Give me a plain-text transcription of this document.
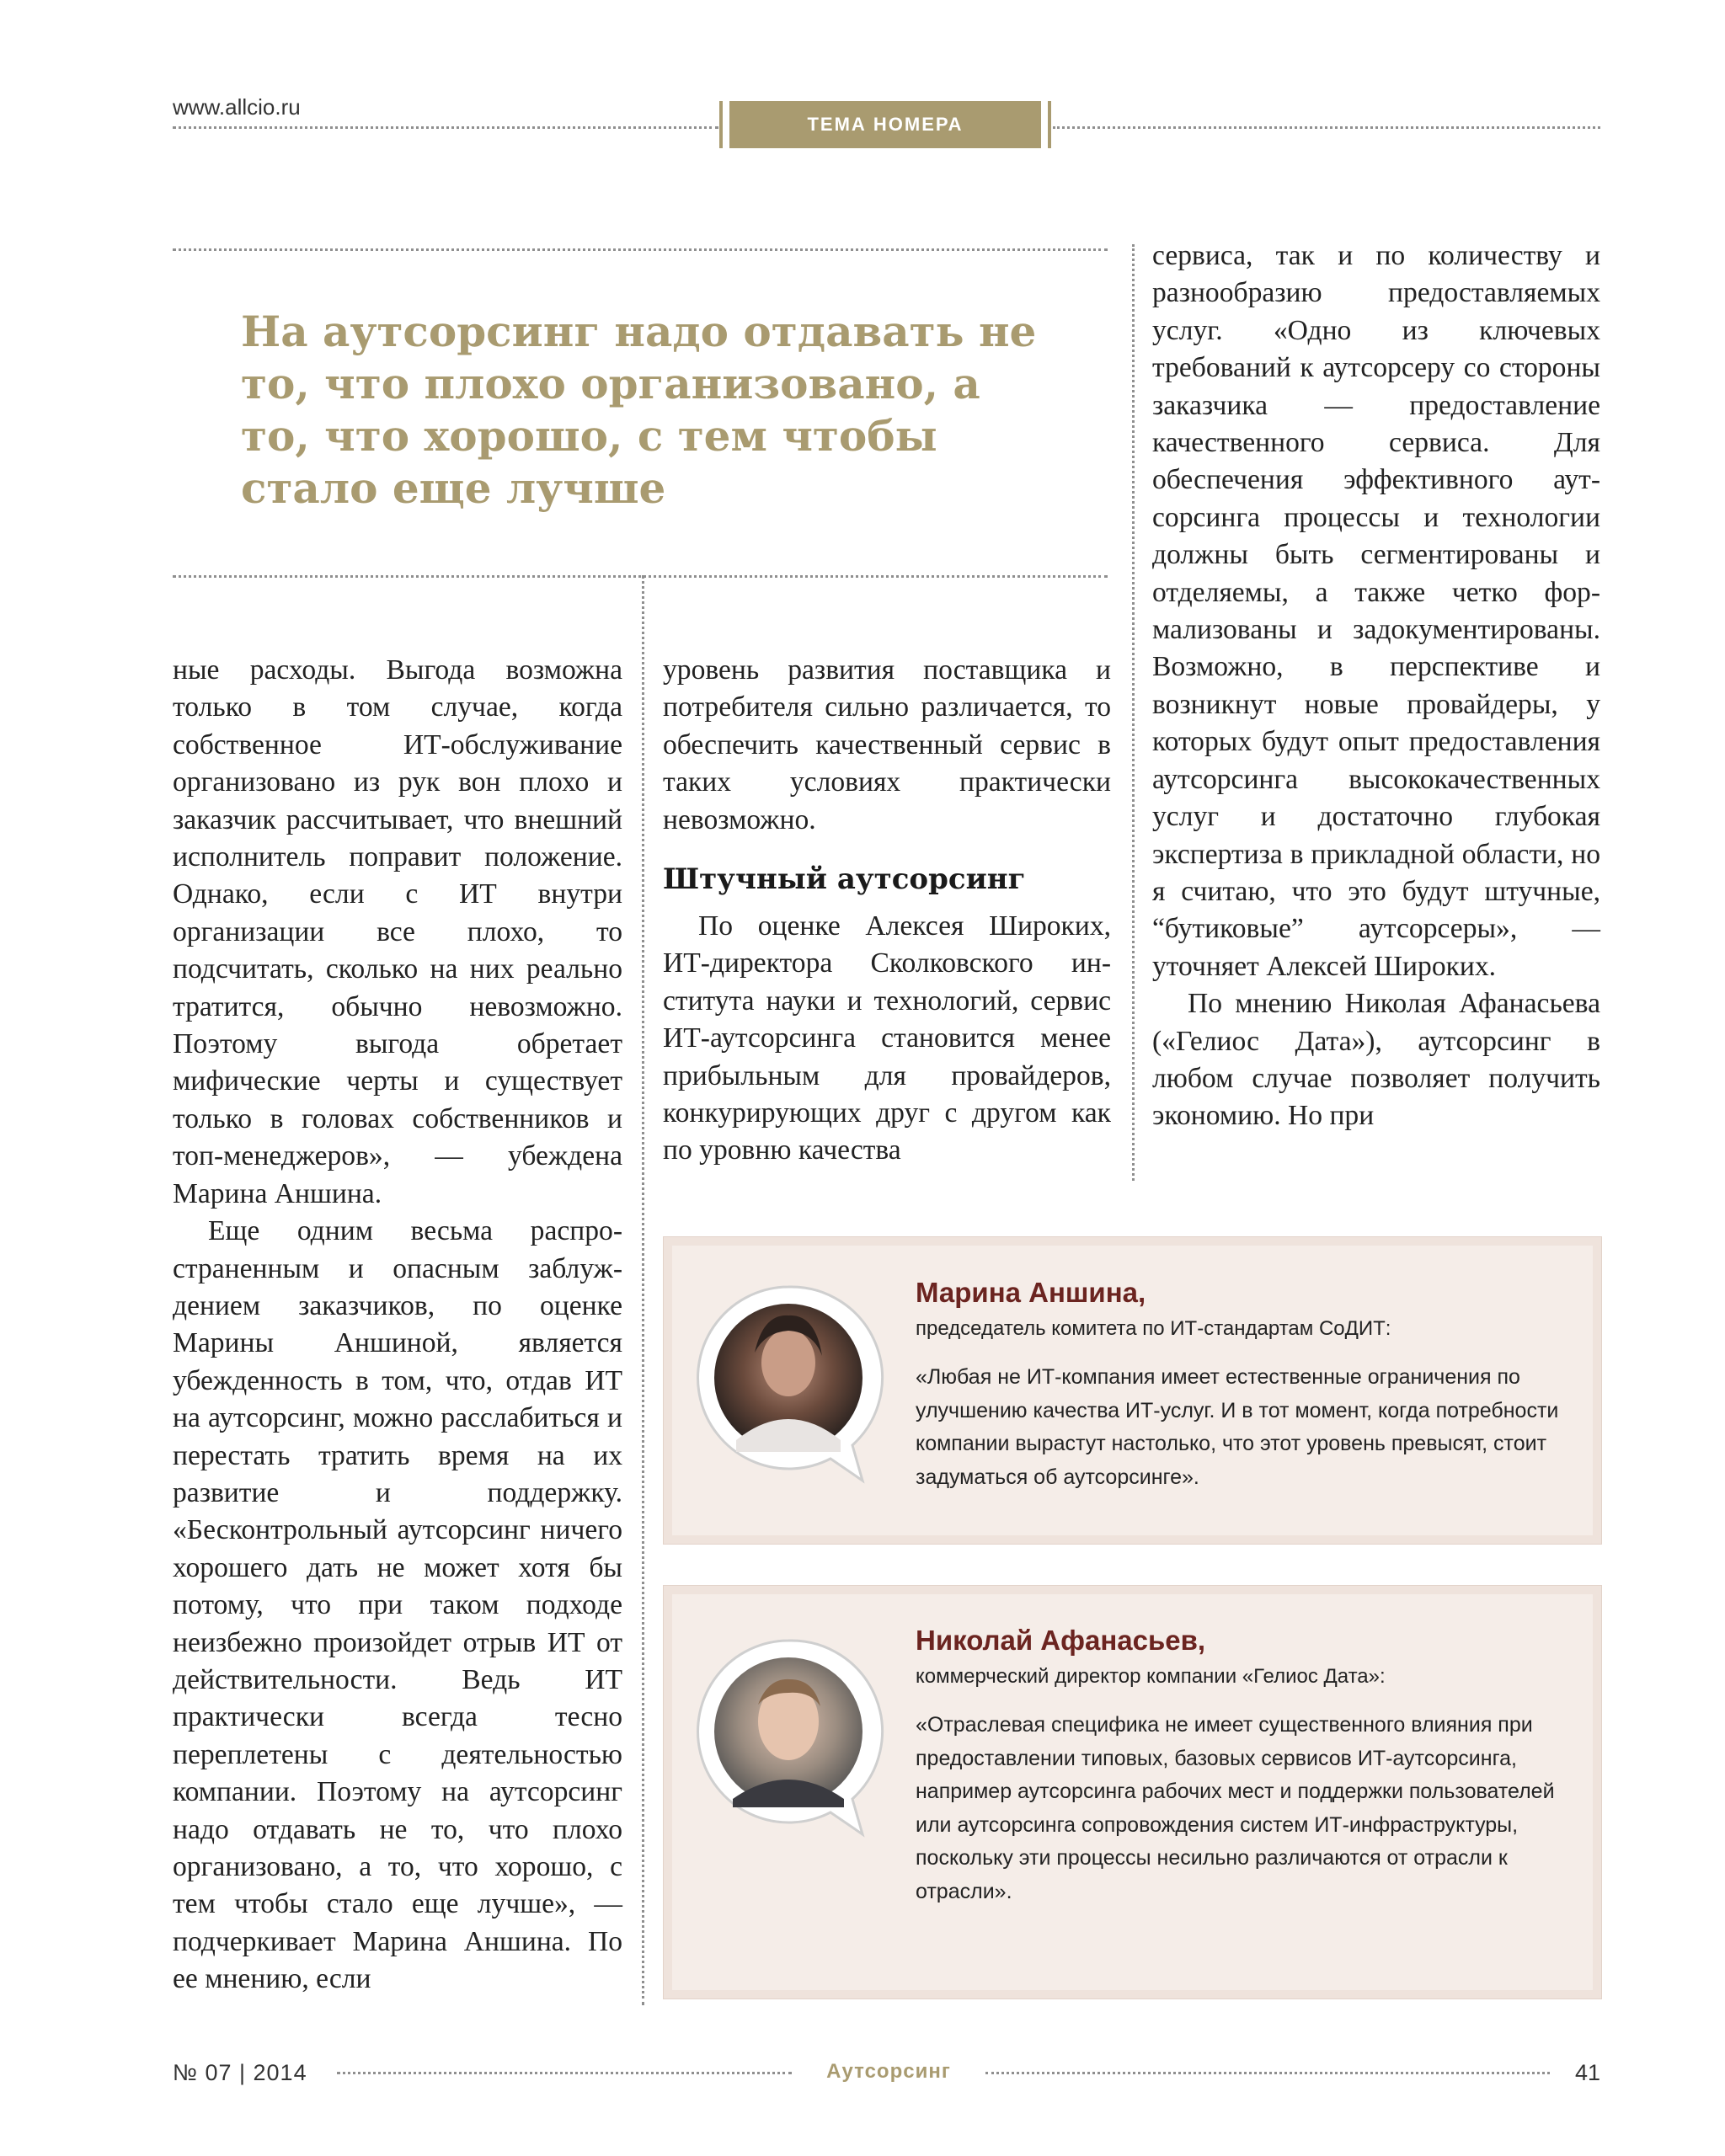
www.allcio.ru
ТЕМА НОМЕРА

На аутсорсинг надо отдавать не то, что плохо организовано, а то, что хорошо, с тем чтобы стало еще лучше

ные расходы. Выгода возможна только в том случае, когда собственное ИТ-обслуживание организовано из рук вон плохо и заказчик рассчитывает, что внешний исполнитель поправит положение. Однако, если с ИТ внутри организации все плохо, то подсчитать, сколько на них реально тратится, обычно невозможно. Поэтому выгода обретает мифические черты и существует только в головах собственников и топ-менеджеров», — убеждена Марина Аншина.

Еще одним весьма распространенным и опасным заблуждением заказчиков, по оценке Марины Аншиной, является убежденность в том, что, отдав ИТ на аутсорсинг, можно расслабиться и перестать тратить время на их развитие и поддержку. «Бесконтрольный аутсорсинг ничего хорошего дать не может хотя бы потому, что при таком подходе неизбежно произойдет отрыв ИТ от действительности. Ведь ИТ практически всегда тесно переплетены с деятельностью компании. Поэтому на аутсорсинг надо отдавать не то, что плохо организовано, а то, что хорошо, с тем чтобы стало еще лучше», — подчеркивает Марина Аншина. По ее мнению, если

уровень развития поставщика и потребителя сильно различается, то обеспечить качественный сервис в таких условиях практически невозможно.

Штучный аутсорсинг

По оценке Алексея Широких, ИТ-директора Сколковского института науки и технологий, сервис ИТ-аутсорсинга становится менее прибыльным для провайдеров, конкурирующих друг с другом как по уровню качества

сервиса, так и по количеству и разнообразию предоставляемых услуг. «Одно из ключевых требований к аутсорсеру со стороны заказчика — предоставление качественного сервиса. Для обеспечения эффективного аутсорсинга процессы и технологии должны быть сегментированы и отделяемы, а также четко формализованы и задокументированы. Возможно, в перспективе и возникнут новые провайдеры, у которых будут опыт предоставления аутсорсинга высококачественных услуг и достаточно глубокая экспертиза в прикладной области, но я считаю, что это будут штучные, “бутиковые” аутсорсеры», — уточняет Алексей Широких.

По мнению Николая Афанасьева («Гелиос Дата»), аутсорсинг в любом случае позволяет получить экономию. Но при

Марина Аншина,

председатель комитета по ИТ-стандартам СоДИТ:

«Любая не ИТ-компания имеет естественные ограничения по улучшению качества ИТ-услуг. И в тот момент, когда потребности компании вырастут настолько, что этот уровень превысят, стоит задуматься об аутсорсинге».

Николай Афанасьев,

коммерческий директор компании «Гелиос Дата»:

«Отраслевая специфика не имеет существенного влияния при предоставлении типовых, базовых сервисов ИТ-аутсорсинга, например аутсорсинга рабочих мест и поддержки пользователей или аутсорсинга сопровождения систем ИТ-инфраструктуры, поскольку эти процессы несильно различаются от отрасли к отрасли».

№ 07 | 2014	Аутсорсинг	41
